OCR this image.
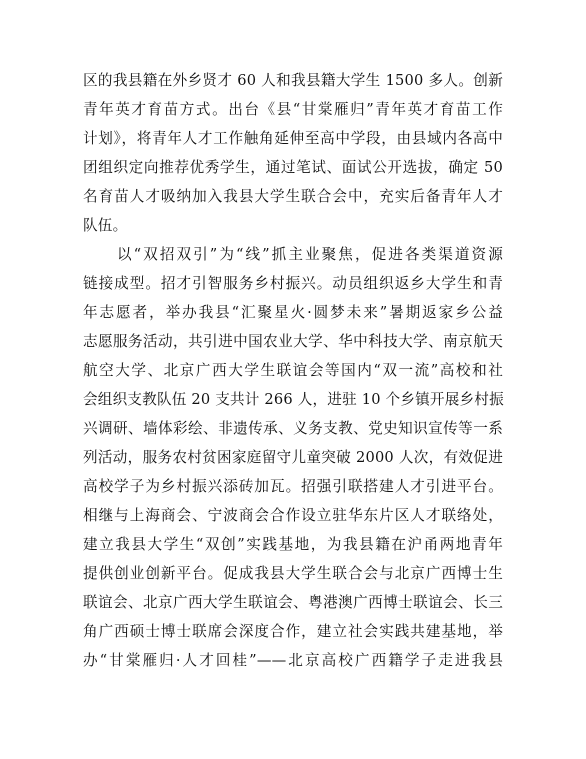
区的我县籍在外乡贤才 60 人和我县籍大学生 1500 多人。创新
青年英才育苗方式。出台《县“甘棠雁归”青年英才育苗工作
计划》，将青年人才工作触角延伸至高中学段，由县域内各高中
团组织定向推荐优秀学生，通过笔试、面试公开选拔，确定 50
名育苗人才吸纳加入我县大学生联合会中，充实后备青年人才
队伍。
以“双招双引”为“线”抓主业聚焦，促进各类渠道资源
链接成型。招才引智服务乡村振兴。动员组织返乡大学生和青
年志愿者，举办我县“汇聚星火·圆梦未来”暑期返家乡公益
志愿服务活动，共引进中国农业大学、华中科技大学、南京航天
航空大学、北京广西大学生联谊会等国内“双一流”高校和社
会组织支教队伍 20 支共计 266 人，进驻 10 个乡镇开展乡村振
兴调研、墙体彩绘、非遗传承、义务支教、党史知识宣传等一系
列活动，服务农村贫困家庭留守儿童突破 2000 人次，有效促进
高校学子为乡村振兴添砖加瓦。招强引联搭建人才引进平台。
相继与上海商会、宁波商会合作设立驻华东片区人才联络处，
建立我县大学生“双创”实践基地，为我县籍在沪甬两地青年
提供创业创新平台。促成我县大学生联合会与北京广西博士生
联谊会、北京广西大学生联谊会、粤港澳广西博士联谊会、长三
角广西硕士博士联席会深度合作，建立社会实践共建基地，举
办“甘棠雁归·人才回桂”——北京高校广西籍学子走进我县
